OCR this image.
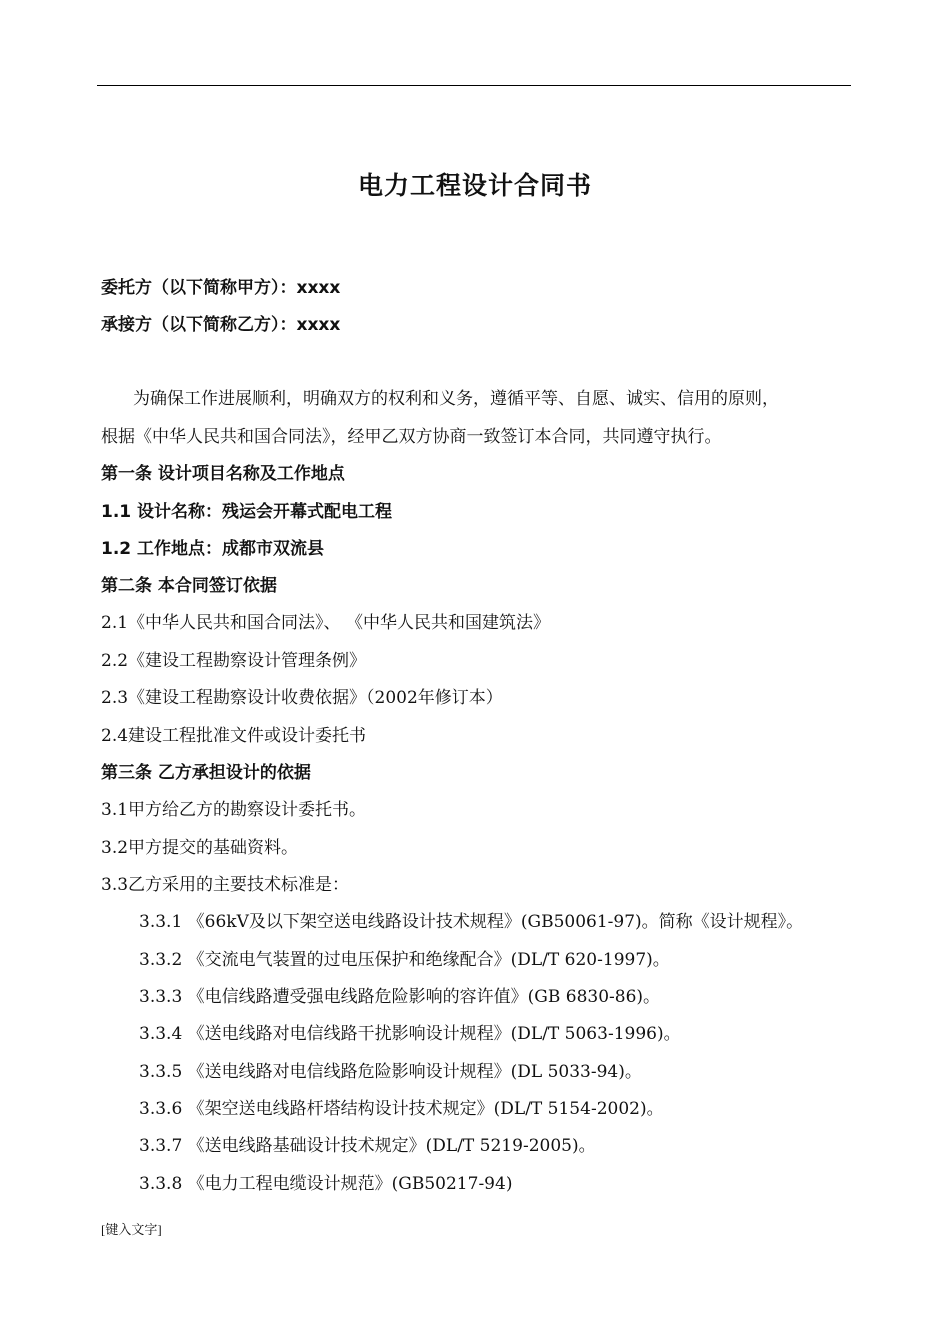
电力工程设计合同书
委托方（以下简称甲方）：xxxx
承接方（以下简称乙方）：xxxx
为确保工作进展顺利，明确双方的权利和义务，遵循平等、自愿、诚实、信用的原则，
根据《中华人民共和国合同法》，经甲乙双方协商一致签订本合同，共同遵守执行。
第一条 设计项目名称及工作地点
1.1 设计名称：残运会开幕式配电工程
1.2 工作地点：成都市双流县
第二条 本合同签订依据
2.1《中华人民共和国合同法》、 《中华人民共和国建筑法》
2.2《建设工程勘察设计管理条例》
2.3《建设工程勘察设计收费依据》（2002年修订本）
2.4建设工程批准文件或设计委托书
第三条 乙方承担设计的依据
3.1甲方给乙方的勘察设计委托书。
3.2甲方提交的基础资料。
3.3乙方采用的主要技术标准是：
3.3.1 《66kV及以下架空送电线路设计技术规程》(GB50061-97)。简称《设计规程》。
3.3.2 《交流电气装置的过电压保护和绝缘配合》(DL/T 620-1997)。
3.3.3 《电信线路遭受强电线路危险影响的容许值》(GB 6830-86)。
3.3.4 《送电线路对电信线路干扰影响设计规程》(DL/T 5063-1996)。
3.3.5 《送电线路对电信线路危险影响设计规程》(DL 5033-94)。
3.3.6 《架空送电线路杆塔结构设计技术规定》(DL/T 5154-2002)。
3.3.7 《送电线路基础设计技术规定》(DL/T 5219-2005)。
3.3.8 《电力工程电缆设计规范》(GB50217-94)
[键入文字]
